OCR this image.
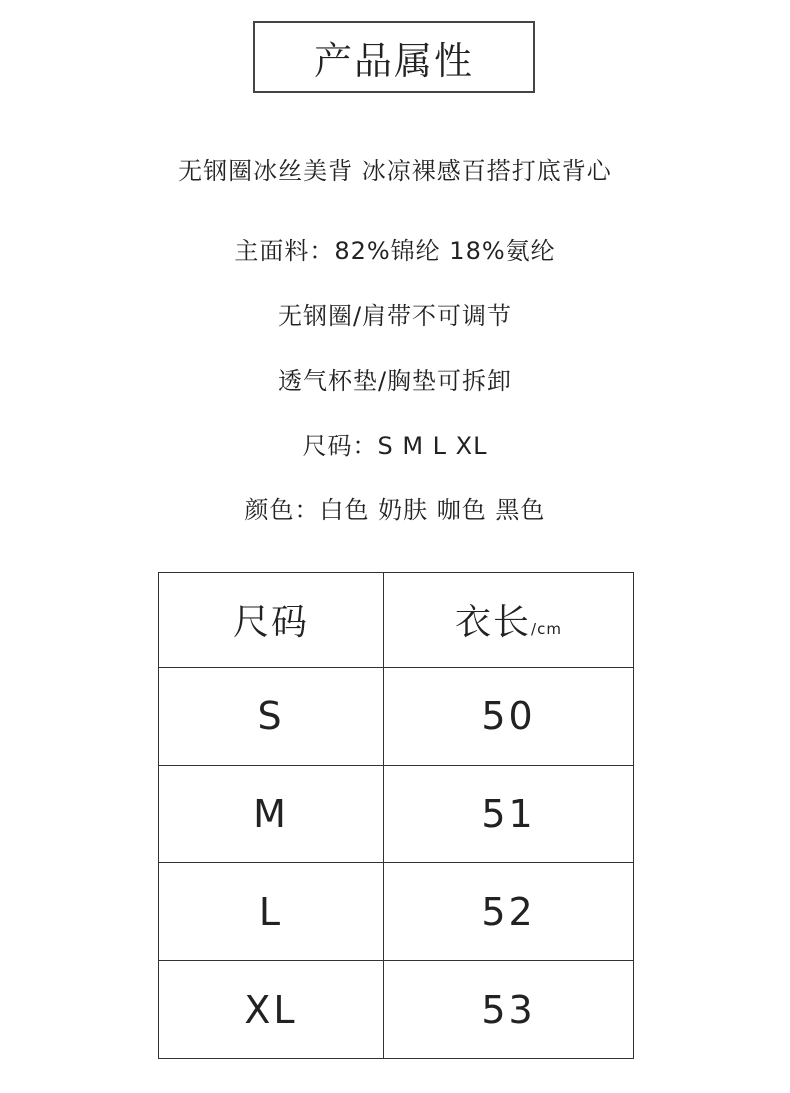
产品属性
无钢圈冰丝美背 冰凉裸感百搭打底背心
主面料：82%锦纶 18%氨纶
无钢圈/肩带不可调节
透气杯垫/胸垫可拆卸
尺码：S M L XL
颜色：白色 奶肤 咖色 黑色
尺码	衣长/cm
S	50
M	51
L	52
XL	53
